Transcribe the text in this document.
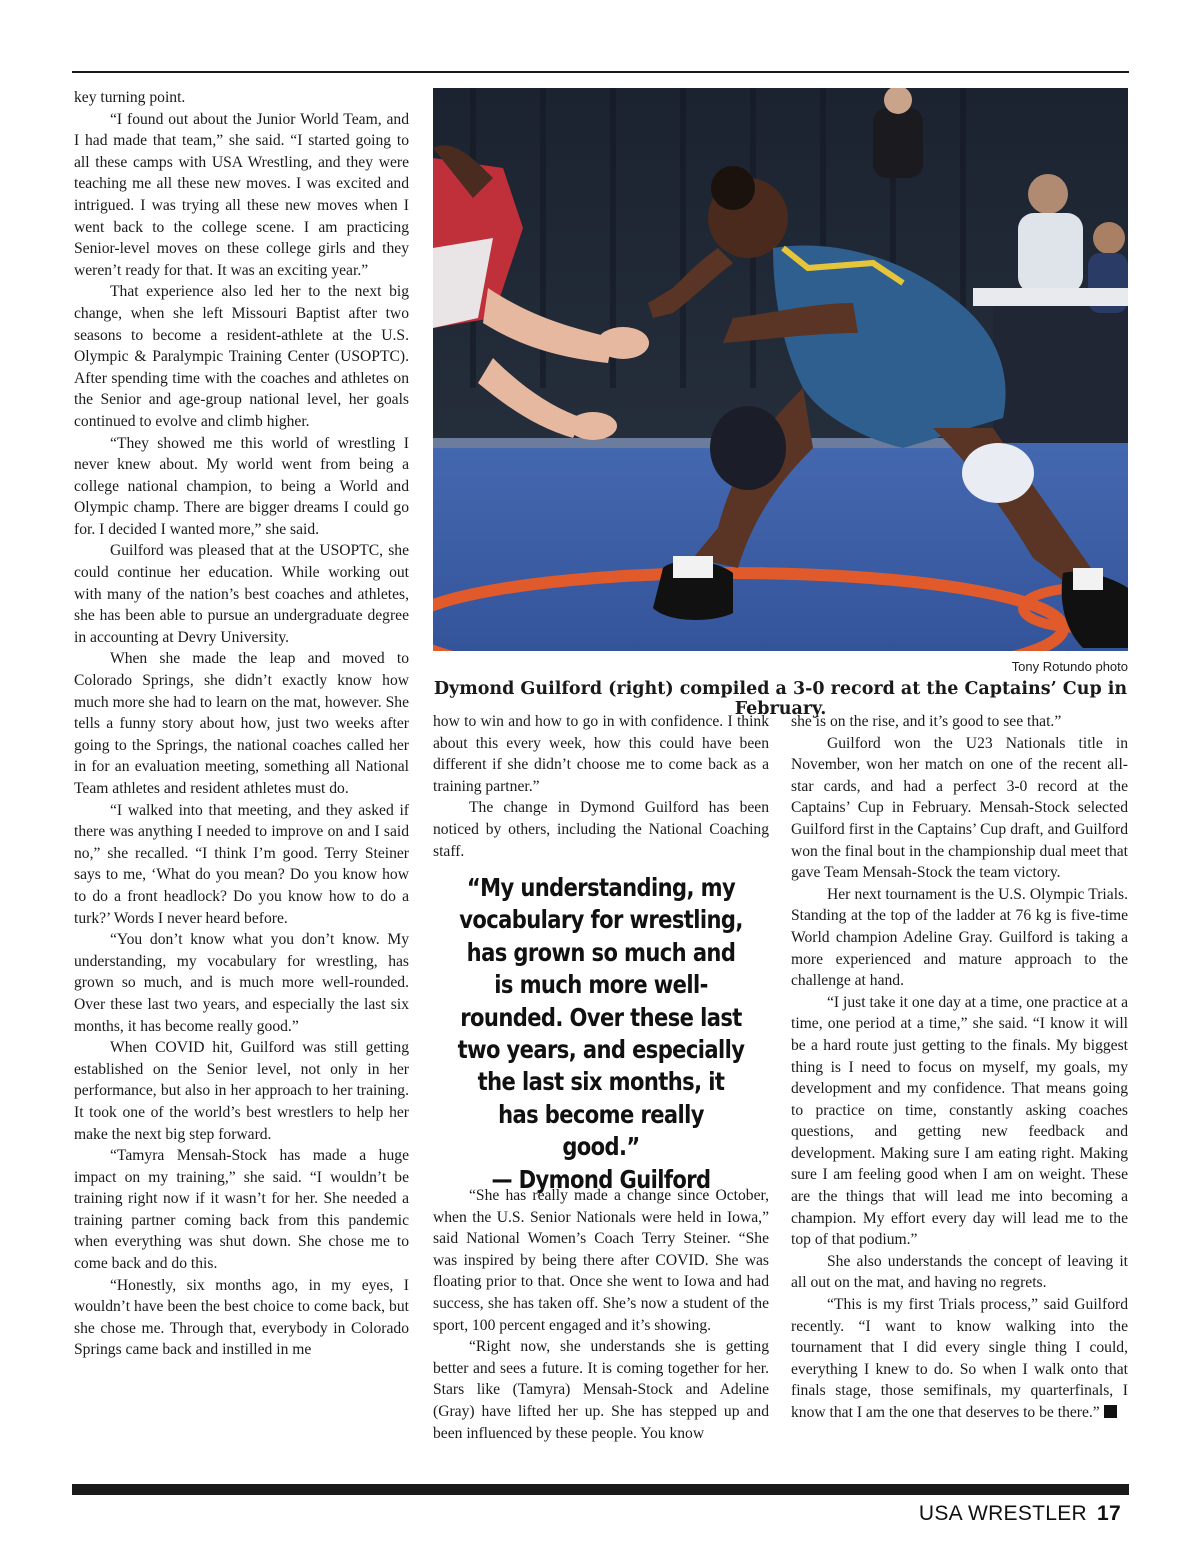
key turning point.

“I found out about the Junior World Team, and I had made that team,” she said. “I started going to all these camps with USA Wrestling, and they were teaching me all these new moves. I was excited and intrigued. I was trying all these new moves when I went back to the college scene. I am practicing Senior-level moves on these college girls and they weren’t ready for that. It was an exciting year.”

That experience also led her to the next big change, when she left Missouri Baptist after two seasons to become a resident-athlete at the U.S. Olympic & Paralympic Training Center (USOPTC). After spending time with the coaches and athletes on the Senior and age-group national level, her goals continued to evolve and climb higher.

“They showed me this world of wrestling I never knew about. My world went from being a college national champion, to being a World and Olympic champ. There are bigger dreams I could go for. I decided I wanted more,” she said.

Guilford was pleased that at the USOPTC, she could continue her education. While working out with many of the nation’s best coaches and athletes, she has been able to pursue an undergraduate degree in accounting at Devry University.

When she made the leap and moved to Colorado Springs, she didn’t exactly know how much more she had to learn on the mat, however. She tells a funny story about how, just two weeks after going to the Springs, the national coaches called her in for an evaluation meeting, something all National Team athletes and resident athletes must do.

“I walked into that meeting, and they asked if there was anything I needed to improve on and I said no,” she recalled. “I think I’m good. Terry Steiner says to me, ‘What do you mean? Do you know how to do a front headlock? Do you know how to do a turk?’ Words I never heard before.

“You don’t know what you don’t know. My understanding, my vocabulary for wrestling, has grown so much, and is much more well-rounded. Over these last two years, and especially the last six months, it has become really good.”

When COVID hit, Guilford was still getting established on the Senior level, not only in her performance, but also in her approach to her training. It took one of the world’s best wrestlers to help her make the next big step forward.

“Tamyra Mensah-Stock has made a huge impact on my training,” she said. “I wouldn’t be training right now if it wasn’t for her. She needed a training partner coming back from this pandemic when everything was shut down. She chose me to come back and do this.

“Honestly, six months ago, in my eyes, I wouldn’t have been the best choice to come back, but she chose me. Through that, everybody in Colorado Springs came back and instilled in me

Tony Rotundo photo
Dymond Guilford (right) compiled a 3-0 record at the Captains’ Cup in February.

how to win and how to go in with confidence. I think about this every week, how this could have been different if she didn’t choose me to come back as a training partner.”

The change in Dymond Guilford has been noticed by others, including the National Coaching staff.

“My understanding, my vocabulary for wrestling, has grown so much and is much more well-rounded. Over these last two years, and especially the last six months, it has become really good.”
— Dymond Guilford

“She has really made a change since October, when the U.S. Senior Nationals were held in Iowa,” said National Women’s Coach Terry Steiner. “She was inspired by being there after COVID. She was floating prior to that. Once she went to Iowa and had success, she has taken off. She’s now a student of the sport, 100 percent engaged and it’s showing.

“Right now, she understands she is getting better and sees a future. It is coming together for her. Stars like (Tamyra) Mensah-Stock and Adeline (Gray) have lifted her up. She has stepped up and been influenced by these people. You know

she is on the rise, and it’s good to see that.”

Guilford won the U23 Nationals title in November, won her match on one of the recent all-star cards, and had a perfect 3-0 record at the Captains’ Cup in February. Mensah-Stock selected Guilford first in the Captains’ Cup draft, and Guilford won the final bout in the championship dual meet that gave Team Mensah-Stock the team victory.

Her next tournament is the U.S. Olympic Trials. Standing at the top of the ladder at 76 kg is five-time World champion Adeline Gray. Guilford is taking a more experienced and mature approach to the challenge at hand.

“I just take it one day at a time, one practice at a time, one period at a time,” she said. “I know it will be a hard route just getting to the finals. My biggest thing is I need to focus on myself, my goals, my development and my confidence. That means going to practice on time, constantly asking coaches questions, and getting new feedback and development. Making sure I am eating right. Making sure I am feeling good when I am on weight. These are the things that will lead me into becoming a champion. My effort every day will lead me to the top of that podium.”

She also understands the concept of leaving it all out on the mat, and having no regrets.

“This is my first Trials process,” said Guilford recently. “I want to know walking into the tournament that I did every single thing I could, everything I knew to do. So when I walk onto that finals stage, those semifinals, my quarterfinals, I know that I am the one that deserves to be there.”

USA WRESTLER 17
